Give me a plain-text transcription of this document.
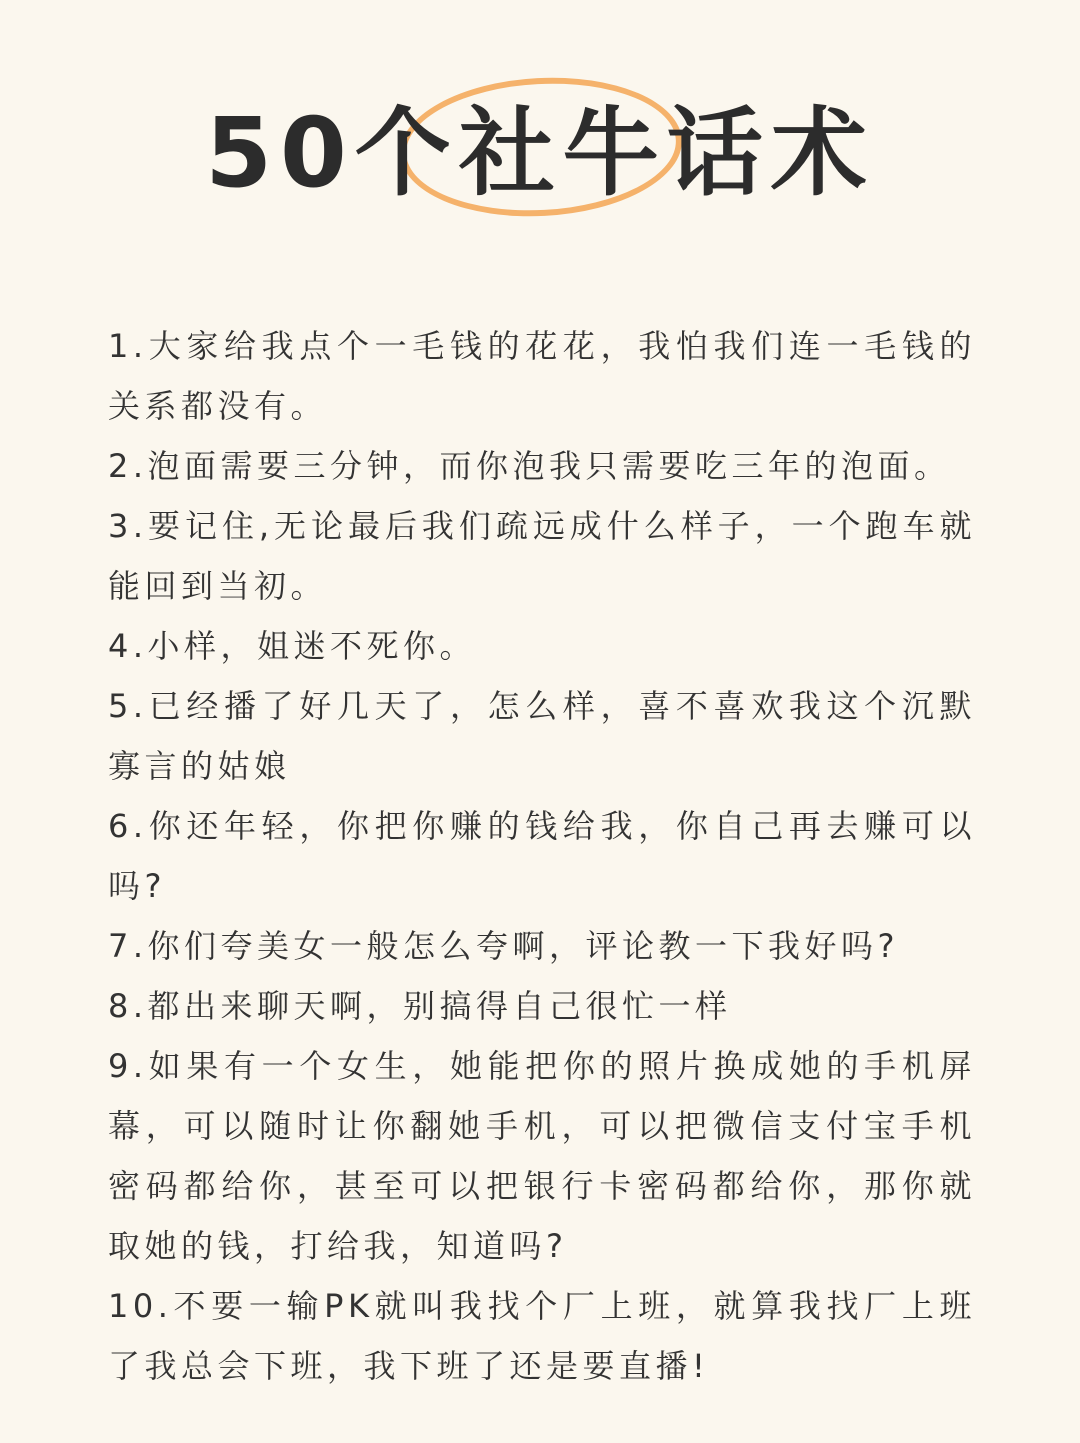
50个社牛话术
1.大家给我点个一毛钱的花花，我怕我们连一毛钱的关系都没有。
2.泡面需要三分钟，而你泡我只需要吃三年的泡面。
3.要记住,无论最后我们疏远成什么样子，一个跑车就能回到当初。
4.小样，姐迷不死你。
5.已经播了好几天了，怎么样，喜不喜欢我这个沉默寡言的姑娘
6.你还年轻，你把你赚的钱给我，你自己再去赚可以吗?
7.你们夸美女一般怎么夸啊，评论教一下我好吗?
8.都出来聊天啊，别搞得自己很忙一样
9.如果有一个女生，她能把你的照片换成她的手机屏幕，可以随时让你翻她手机，可以把微信支付宝手机密码都给你，甚至可以把银行卡密码都给你，那你就取她的钱，打给我，知道吗?
10.不要一输PK就叫我找个厂上班，就算我找厂上班了我总会下班，我下班了还是要直播!
